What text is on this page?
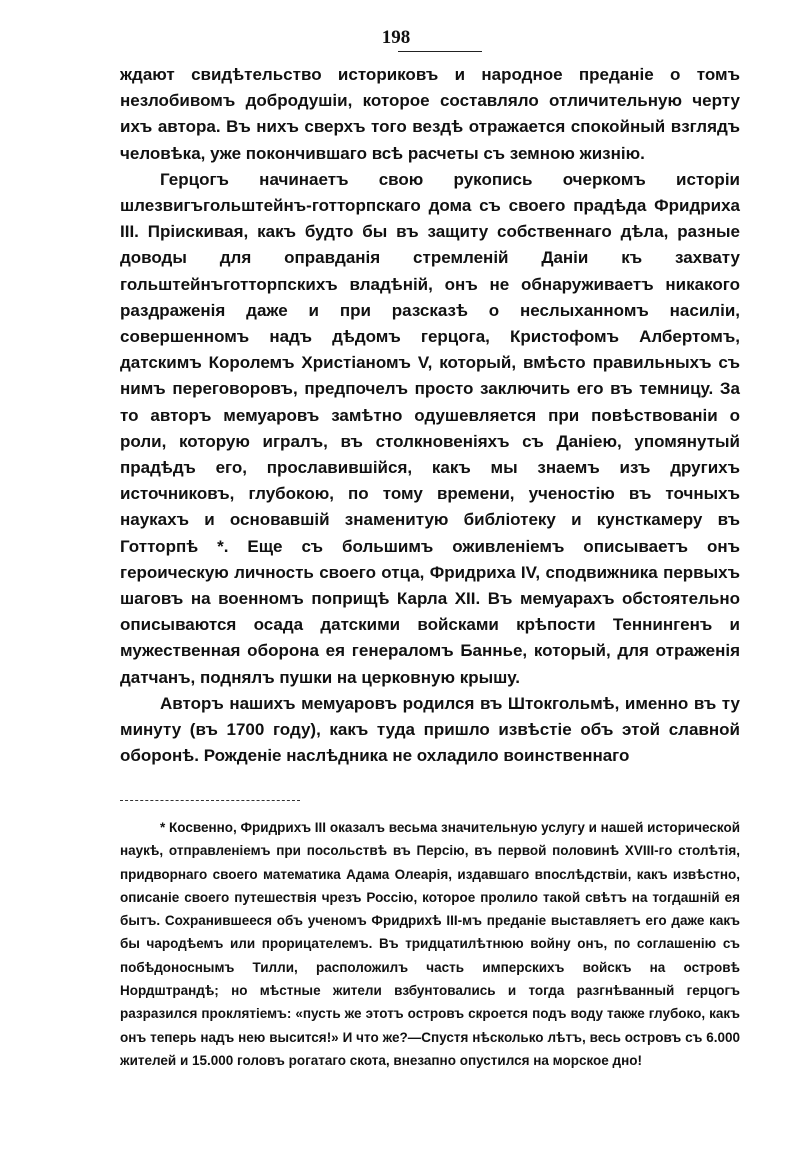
198

ждают свидѣтельство историковъ и народное преданіе о томъ незлобивомъ добродушіи, которое составляло отличительную черту ихъ автора. Въ нихъ сверхъ того вездѣ отражается спокойный взглядъ человѣка, уже покончившаго всѣ расчеты съ земною жизнію.

Герцогъ начинаетъ свою рукопись очеркомъ исторіи шлезвигъгольштейнъ-готторпскаго дома съ своего прадѣда Фридриха III. Пріискивая, какъ будто бы въ защиту собственнаго дѣла, разные доводы для оправданія стремленій Даніи къ захвату гольштейнъготторпскихъ владѣній, онъ не обнаруживаетъ никакого раздраженія даже и при разсказѣ о неслыханномъ насиліи, совершенномъ надъ дѣдомъ герцога, Кристофомъ Албертомъ, датскимъ Королемъ Христіаномъ V, который, вмѣсто правильныхъ съ нимъ переговоровъ, предпочелъ просто заключить его въ темницу. За то авторъ мемуаровъ замѣтно одушевляется при повѣствованіи о роли, которую игралъ, въ столкновеніяхъ съ Даніею, упомянутый прадѣдъ его, прославившійся, какъ мы знаемъ изъ другихъ источниковъ, глубокою, по тому времени, ученостію въ точныхъ наукахъ и основавшій знаменитую библіотеку и кунсткамеру въ Готторпѣ *. Еще съ большимъ оживленіемъ описываетъ онъ героическую личность своего отца, Фридриха IV, сподвижника первыхъ шаговъ на военномъ поприщѣ Карла XII. Въ мемуарахъ обстоятельно описываются осада датскими войсками крѣпости Теннингенъ и мужественная оборона ея генераломъ Баннье, который, для отраженія датчанъ, поднялъ пушки на церковную крышу.

Авторъ нашихъ мемуаровъ родился въ Штокгольмѣ, именно въ ту минуту (въ 1700 году), какъ туда пришло извѣстіе объ этой славной оборонѣ. Рожденіе наслѣдника не охладило воинственнаго

* Косвенно, Фридрихъ III оказалъ весьма значительную услугу и нашей исторической наукѣ, отправленіемъ при посольствѣ въ Персію, въ первой половинѣ XVIII-го столѣтія, придворнаго своего математика Адама Олеарія, издавшаго впослѣдствіи, какъ извѣстно, описаніе своего путешествія чрезъ Россію, которое пролило такой свѣтъ на тогдашній ея бытъ. Сохранившееся объ ученомъ Фридрихѣ III-мъ преданіе выставляетъ его даже какъ бы чародѣемъ или прорицателемъ. Въ тридцатилѣтнюю войну онъ, по соглашенію съ побѣдоноснымъ Тилли, расположилъ часть имперскихъ войскъ на островѣ Нордштрандѣ; но мѣстные жители взбунтовались и тогда разгнѣванный герцогъ разразился проклятіемъ: «пусть же этотъ островъ скроется подъ воду также глубоко, какъ онъ теперь надъ нею высится!» И что же?—Спустя нѣсколько лѣтъ, весь островъ съ 6.000 жителей и 15.000 головъ рогатаго скота, внезапно опустился на морское дно!
